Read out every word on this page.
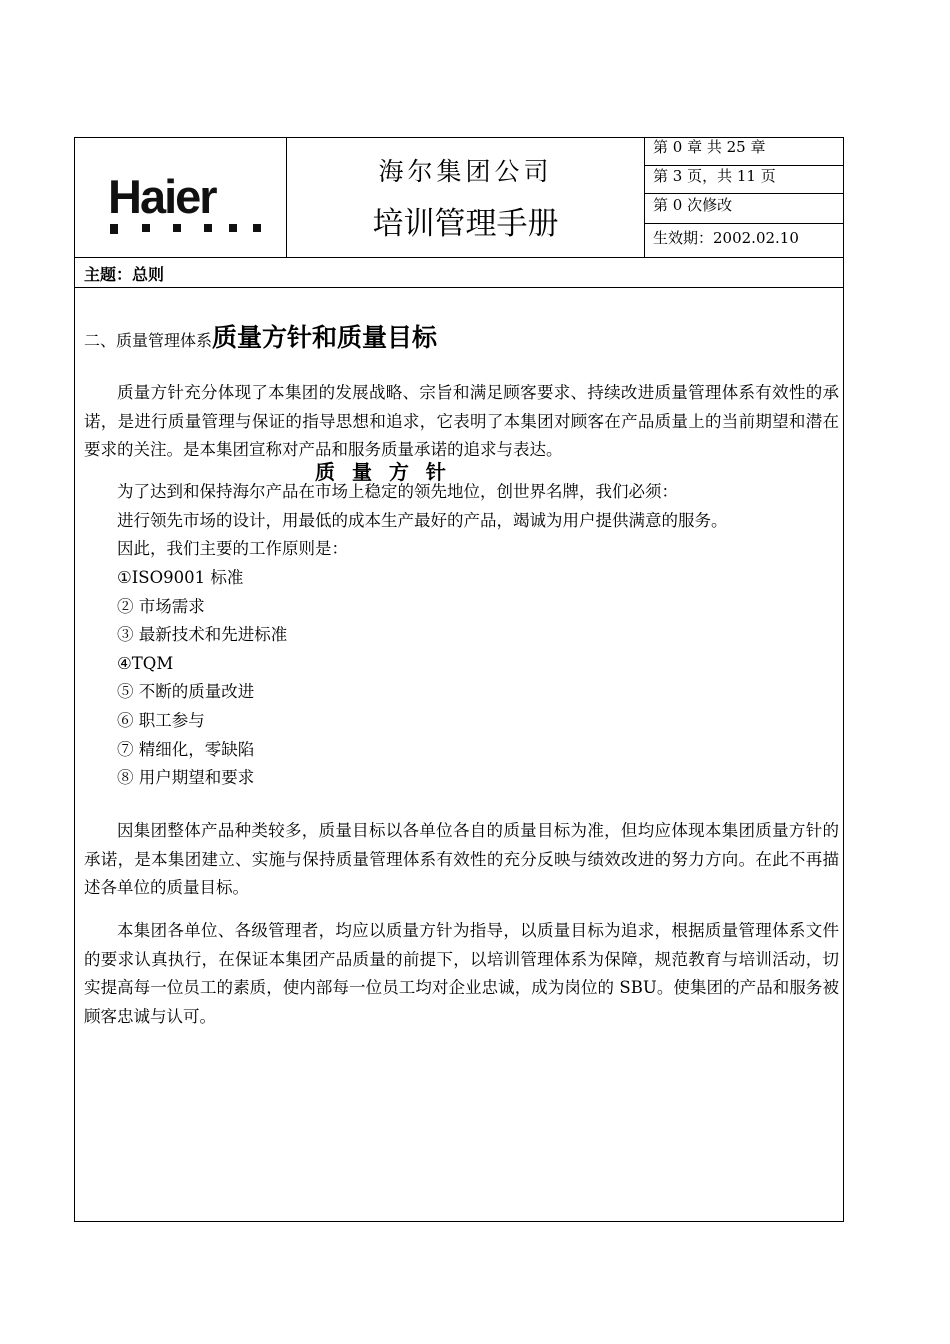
Haier	海尔集团公司
培训管理手册
第 0 章 共 25 章
第 3 页，共 11 页
第 0 次修改
生效期：2002.02.10
主题：总则
二、质量管理体系质量方针和质量目标

质量方针充分体现了本集团的发展战略、宗旨和满足顾客要求、持续改进质量管理体系有效性的承诺，是进行质量管理与保证的指导思想和追求，它表明了本集团对顾客在产品质量上的当前期望和潜在要求的关注。是本集团宣称对产品和服务质量承诺的追求与表达。

质 量 方 针
为了达到和保持海尔产品在市场上稳定的领先地位，创世界名牌，我们必须：
进行领先市场的设计，用最低的成本生产最好的产品，竭诚为用户提供满意的服务。
因此，我们主要的工作原则是：
①ISO9001 标准
② 市场需求
③ 最新技术和先进标准
④TQM
⑤ 不断的质量改进
⑥ 职工参与
⑦ 精细化，零缺陷
⑧ 用户期望和要求

因集团整体产品种类较多，质量目标以各单位各自的质量目标为准，但均应体现本集团质量方针的承诺，是本集团建立、实施与保持质量管理体系有效性的充分反映与绩效改进的努力方向。在此不再描述各单位的质量目标。

本集团各单位、各级管理者，均应以质量方针为指导，以质量目标为追求，根据质量管理体系文件的要求认真执行，在保证本集团产品质量的前提下，以培训管理体系为保障，规范教育与培训活动，切实提高每一位员工的素质，使内部每一位员工均对企业忠诚，成为岗位的 SBU。使集团的产品和服务被顾客忠诚与认可。
